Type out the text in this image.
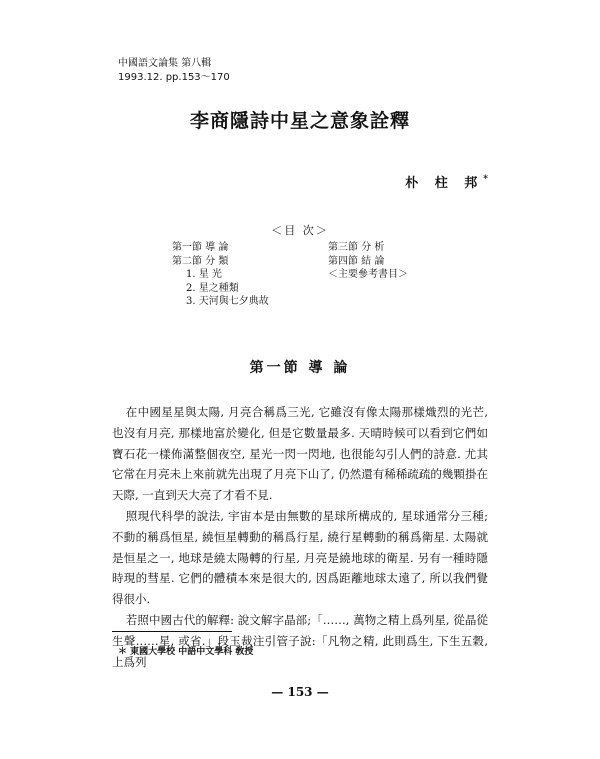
中國語文論集 第八輯
1993.12. pp.153～170
李商隱詩中星之意象詮釋
朴 柱 邦*
＜目 次＞
第一節 導 論
第二節 分 類
1. 星 光
2. 星之種類
3. 天河與七夕典故
第三節 分 析
第四節 結 論
＜主要參考書目＞
第一節 導 論

在中國星星與太陽, 月亮合稱爲三光, 它雖沒有像太陽那樣熾烈的光芒, 也沒有月亮, 那樣地富於變化, 但是它數量最多. 天晴時候可以看到它們如寶石花一樣佈滿整個夜空, 星光一閃一閃地, 也很能勾引人們的詩意. 尤其它常在月亮未上來前就先出現了月亮下山了, 仍然還有稀稀疏疏的幾顆掛在天際, 一直到天大亮了才看不見.

照現代科學的說法, 宇宙本是由無數的星球所構成的, 星球通常分三種; 不動的稱爲恒星, 繞恒星轉動的稱爲行星, 繞行星轉動的稱爲衛星. 太陽就是恒星之一, 地球是繞太陽轉的行星, 月亮是繞地球的衛星. 另有一種時隱時現的彗星. 它們的體積本來是很大的, 因爲距離地球太遠了, 所以我們覺得很小.

若照中國古代的解釋: 說文解字晶部;「……, 萬物之精上爲列星, 從晶從生聲……星, 或省.」段玉裁注引管子說:「凡物之精, 此則爲生, 下生五穀, 上爲列

＊ 東國大學校 中語中文學科 敎授
— 153 —
